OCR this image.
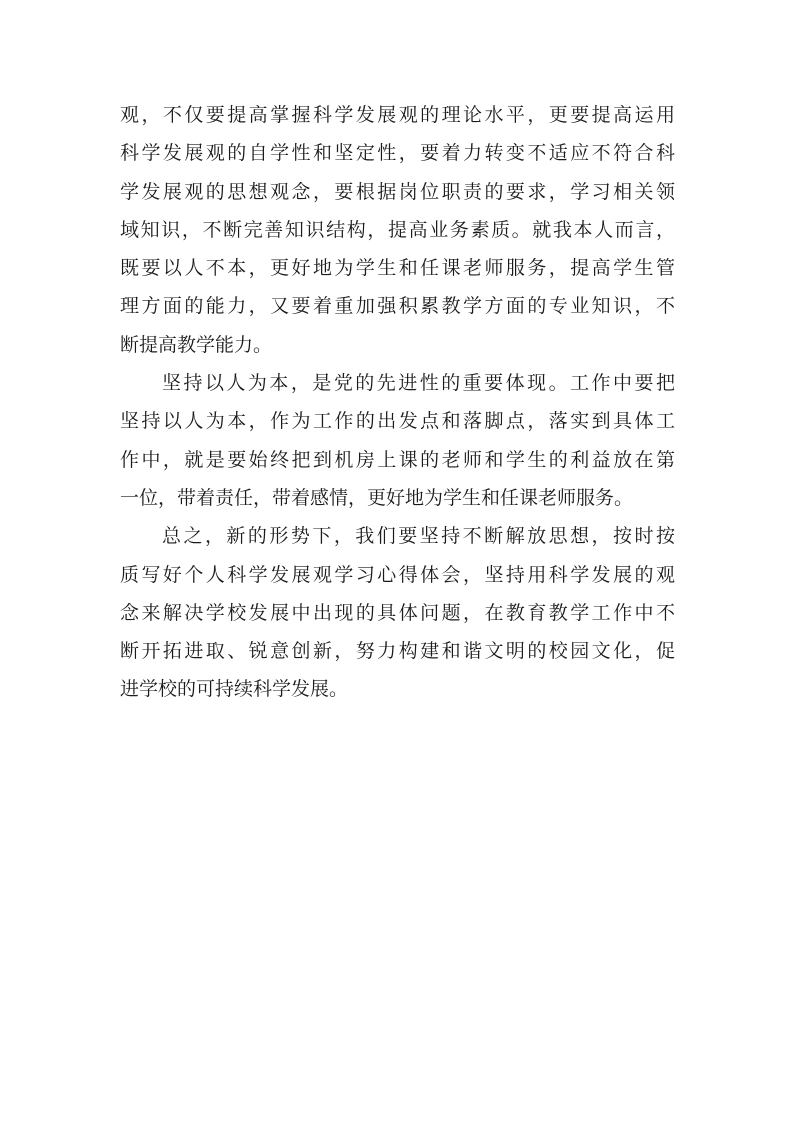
观，不仅要提高掌握科学发展观的理论水平，更要提高运用
科学发展观的自学性和坚定性，要着力转变不适应不符合科
学发展观的思想观念，要根据岗位职责的要求，学习相关领
域知识，不断完善知识结构，提高业务素质。就我本人而言，
既要以人不本，更好地为学生和任课老师服务，提高学生管
理方面的能力，又要着重加强积累教学方面的专业知识，不
断提高教学能力。
坚持以人为本，是党的先进性的重要体现。工作中要把
坚持以人为本，作为工作的出发点和落脚点，落实到具体工
作中，就是要始终把到机房上课的老师和学生的利益放在第
一位，带着责任，带着感情，更好地为学生和任课老师服务。
总之，新的形势下，我们要坚持不断解放思想，按时按
质写好个人科学发展观学习心得体会，坚持用科学发展的观
念来解决学校发展中出现的具体问题，在教育教学工作中不
断开拓进取、锐意创新，努力构建和谐文明的校园文化，促
进学校的可持续科学发展。
